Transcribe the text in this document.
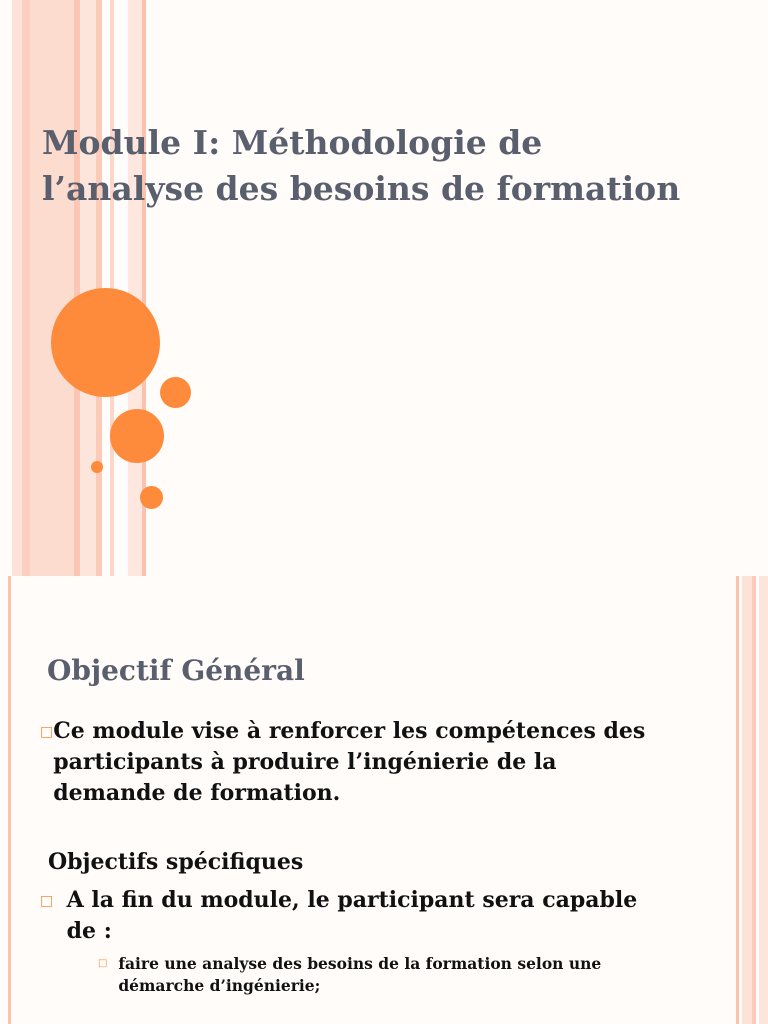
Module I: Méthodologie de
l’analyse des besoins de formation
Objectif Général
□ Ce module vise à renforcer les compétences des participants à produire l’ingénierie de la demande de formation.
Objectifs spécifiques
□ A la fin du module, le participant sera capable de :
□ faire une analyse des besoins de la formation selon une démarche d’ingénierie;
